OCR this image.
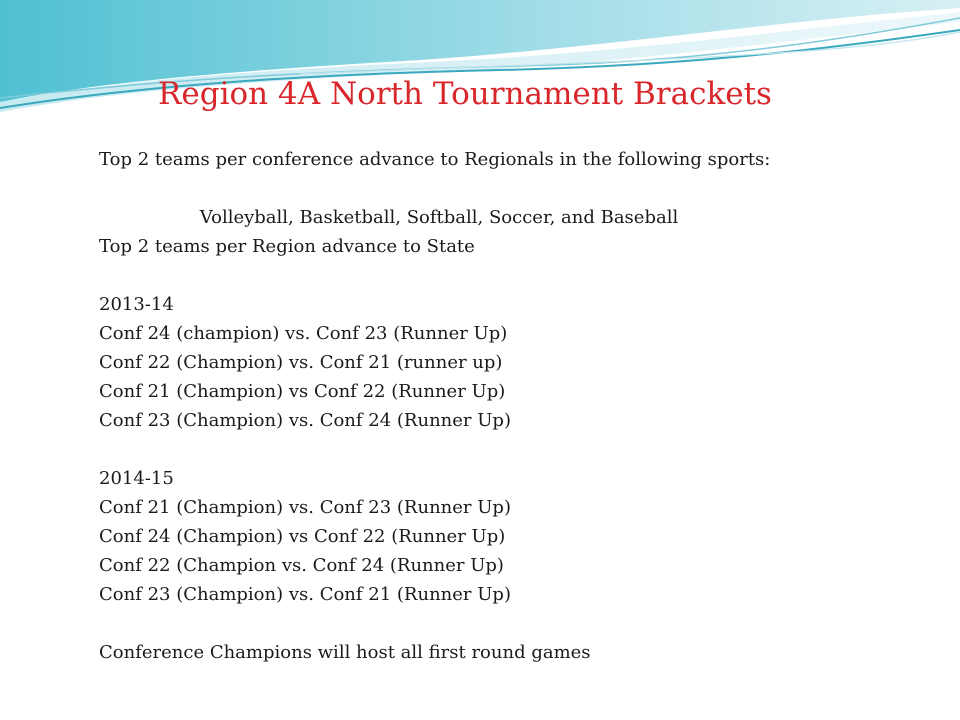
Region 4A North Tournament Brackets

Top 2 teams per conference advance to Regionals in the following sports:

Volleyball, Basketball, Softball, Soccer, and Baseball

Top 2 teams per Region advance to State

2013-14

Conf 24 (champion) vs. Conf 23 (Runner Up)

Conf 22 (Champion) vs. Conf 21 (runner up)

Conf 21 (Champion) vs Conf 22 (Runner Up)

Conf 23 (Champion) vs. Conf 24 (Runner Up)

2014-15

Conf 21 (Champion) vs. Conf 23 (Runner Up)

Conf 24 (Champion) vs Conf 22 (Runner Up)

Conf 22 (Champion vs. Conf 24 (Runner Up)

Conf 23 (Champion) vs. Conf 21 (Runner Up)

Conference Champions will host all first round games
